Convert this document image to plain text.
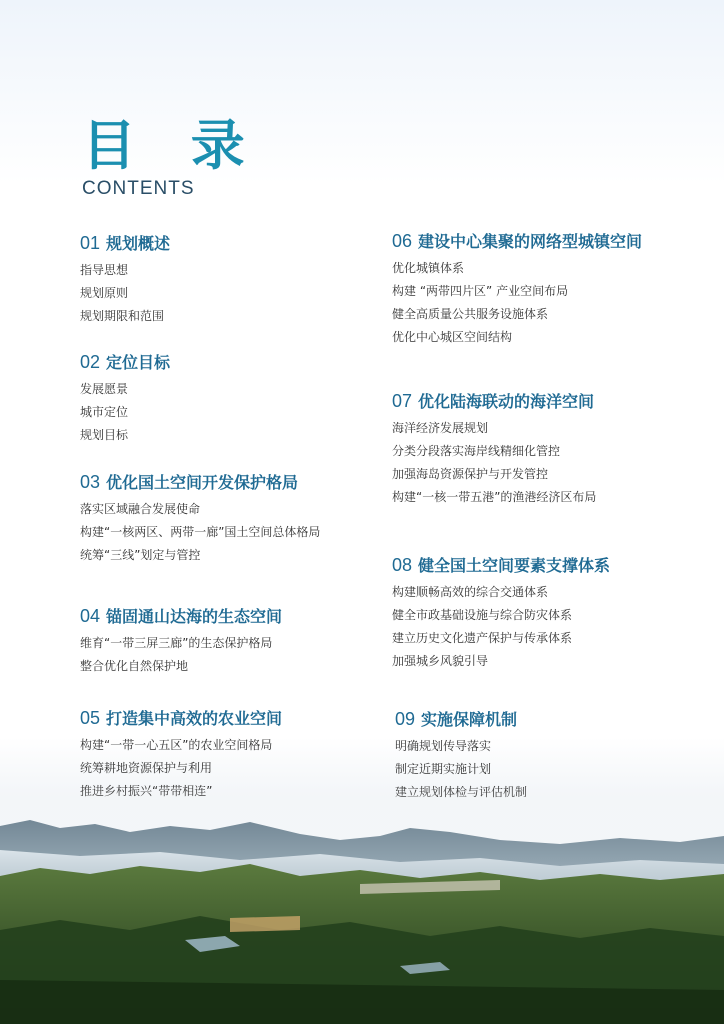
目 录
CONTENTS
01 规划概述
指导思想
规划原则
规划期限和范围
02 定位目标
发展愿景
城市定位
规划目标
03 优化国土空间开发保护格局
落实区域融合发展使命
构建“一核两区、两带一廊”国土空间总体格局
统筹“三线”划定与管控
04 锚固通山达海的生态空间
维育“一带三屏三廊”的生态保护格局
整合优化自然保护地
05 打造集中高效的农业空间
构建“一带一心五区”的农业空间格局
统筹耕地资源保护与利用
06 建设中心集聚的网络型城镇空间
优化城镇体系
构建 “两带四片区” 产业空间布局
健全高质量公共服务设施体系
优化中心城区空间结构
07 优化陆海联动的海洋空间
海洋经济发展规划
分类分段落实海岸线精细化管控
加强海岛资源保护与开发管控
构建“一核一带五港”的渔港经济区布局
08 健全国土空间要素支撑体系
构建顺畅高效的综合交通体系
健全市政基础设施与综合防灾体系
建立历史文化遗产保护与传承体系
加强城乡风貌引导
09 实施保障机制
明确规划传导落实
制定近期实施计划
